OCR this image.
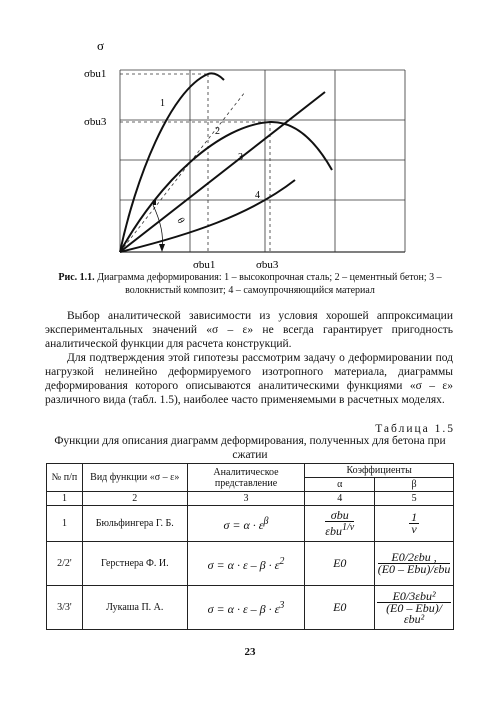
σ
σbu1
σbu3
σbu1	σbu3
1
2
3
4
θ
Рис. 1.1. Диаграмма деформирования: 1 – высокопрочная сталь; 2 – цементный бетон; 3 – волокнистый композит; 4 – самоупрочняющийся материал

Выбор аналитической зависимости из условия хорошей аппроксимации экспериментальных значений «σ – ε» не всегда гарантирует пригодность аналитической функции для расчета конструкций.

Для подтверждения этой гипотезы рассмотрим задачу о деформировании под нагрузкой нелинейно деформируемого изотропного материала, диаграммы деформирования которого описываются аналитическими функциями «σ – ε» различного вида (табл. 1.5), наиболее часто применяемыми в расчетных моделях.

Таблица 1.5
Функции для описания диаграмм деформирования, полученных для бетона при сжатии
№ п/п	Вид функции «σ – ε»	Аналитическое представление	Коэффициенты	
			α	β
1	2	3	4	5
1	Бюльфингера Г. Б.	$\sigma = \alpha \cdot \varepsilon^\beta$	$\frac{\text{σbu}}{\varepsilon bu^{1/\nu}}$	$\frac{1}{\nu}$

2/2'	Герстнера Ф. И.	$\sigma = \alpha \cdot \varepsilon - \beta \cdot \varepsilon^2$	E0	$\frac{\text{E0/2εbu ,}}{\text{(E0 – Ebu)/εbu}}$

3/3'	Лукаша П. А.	$\sigma = \alpha \cdot \varepsilon - \beta \cdot \varepsilon^3$	E0	$\frac{\text{E0/3εbu²}}{\text{(E0 – Ebu)/εbu²}}$
23
